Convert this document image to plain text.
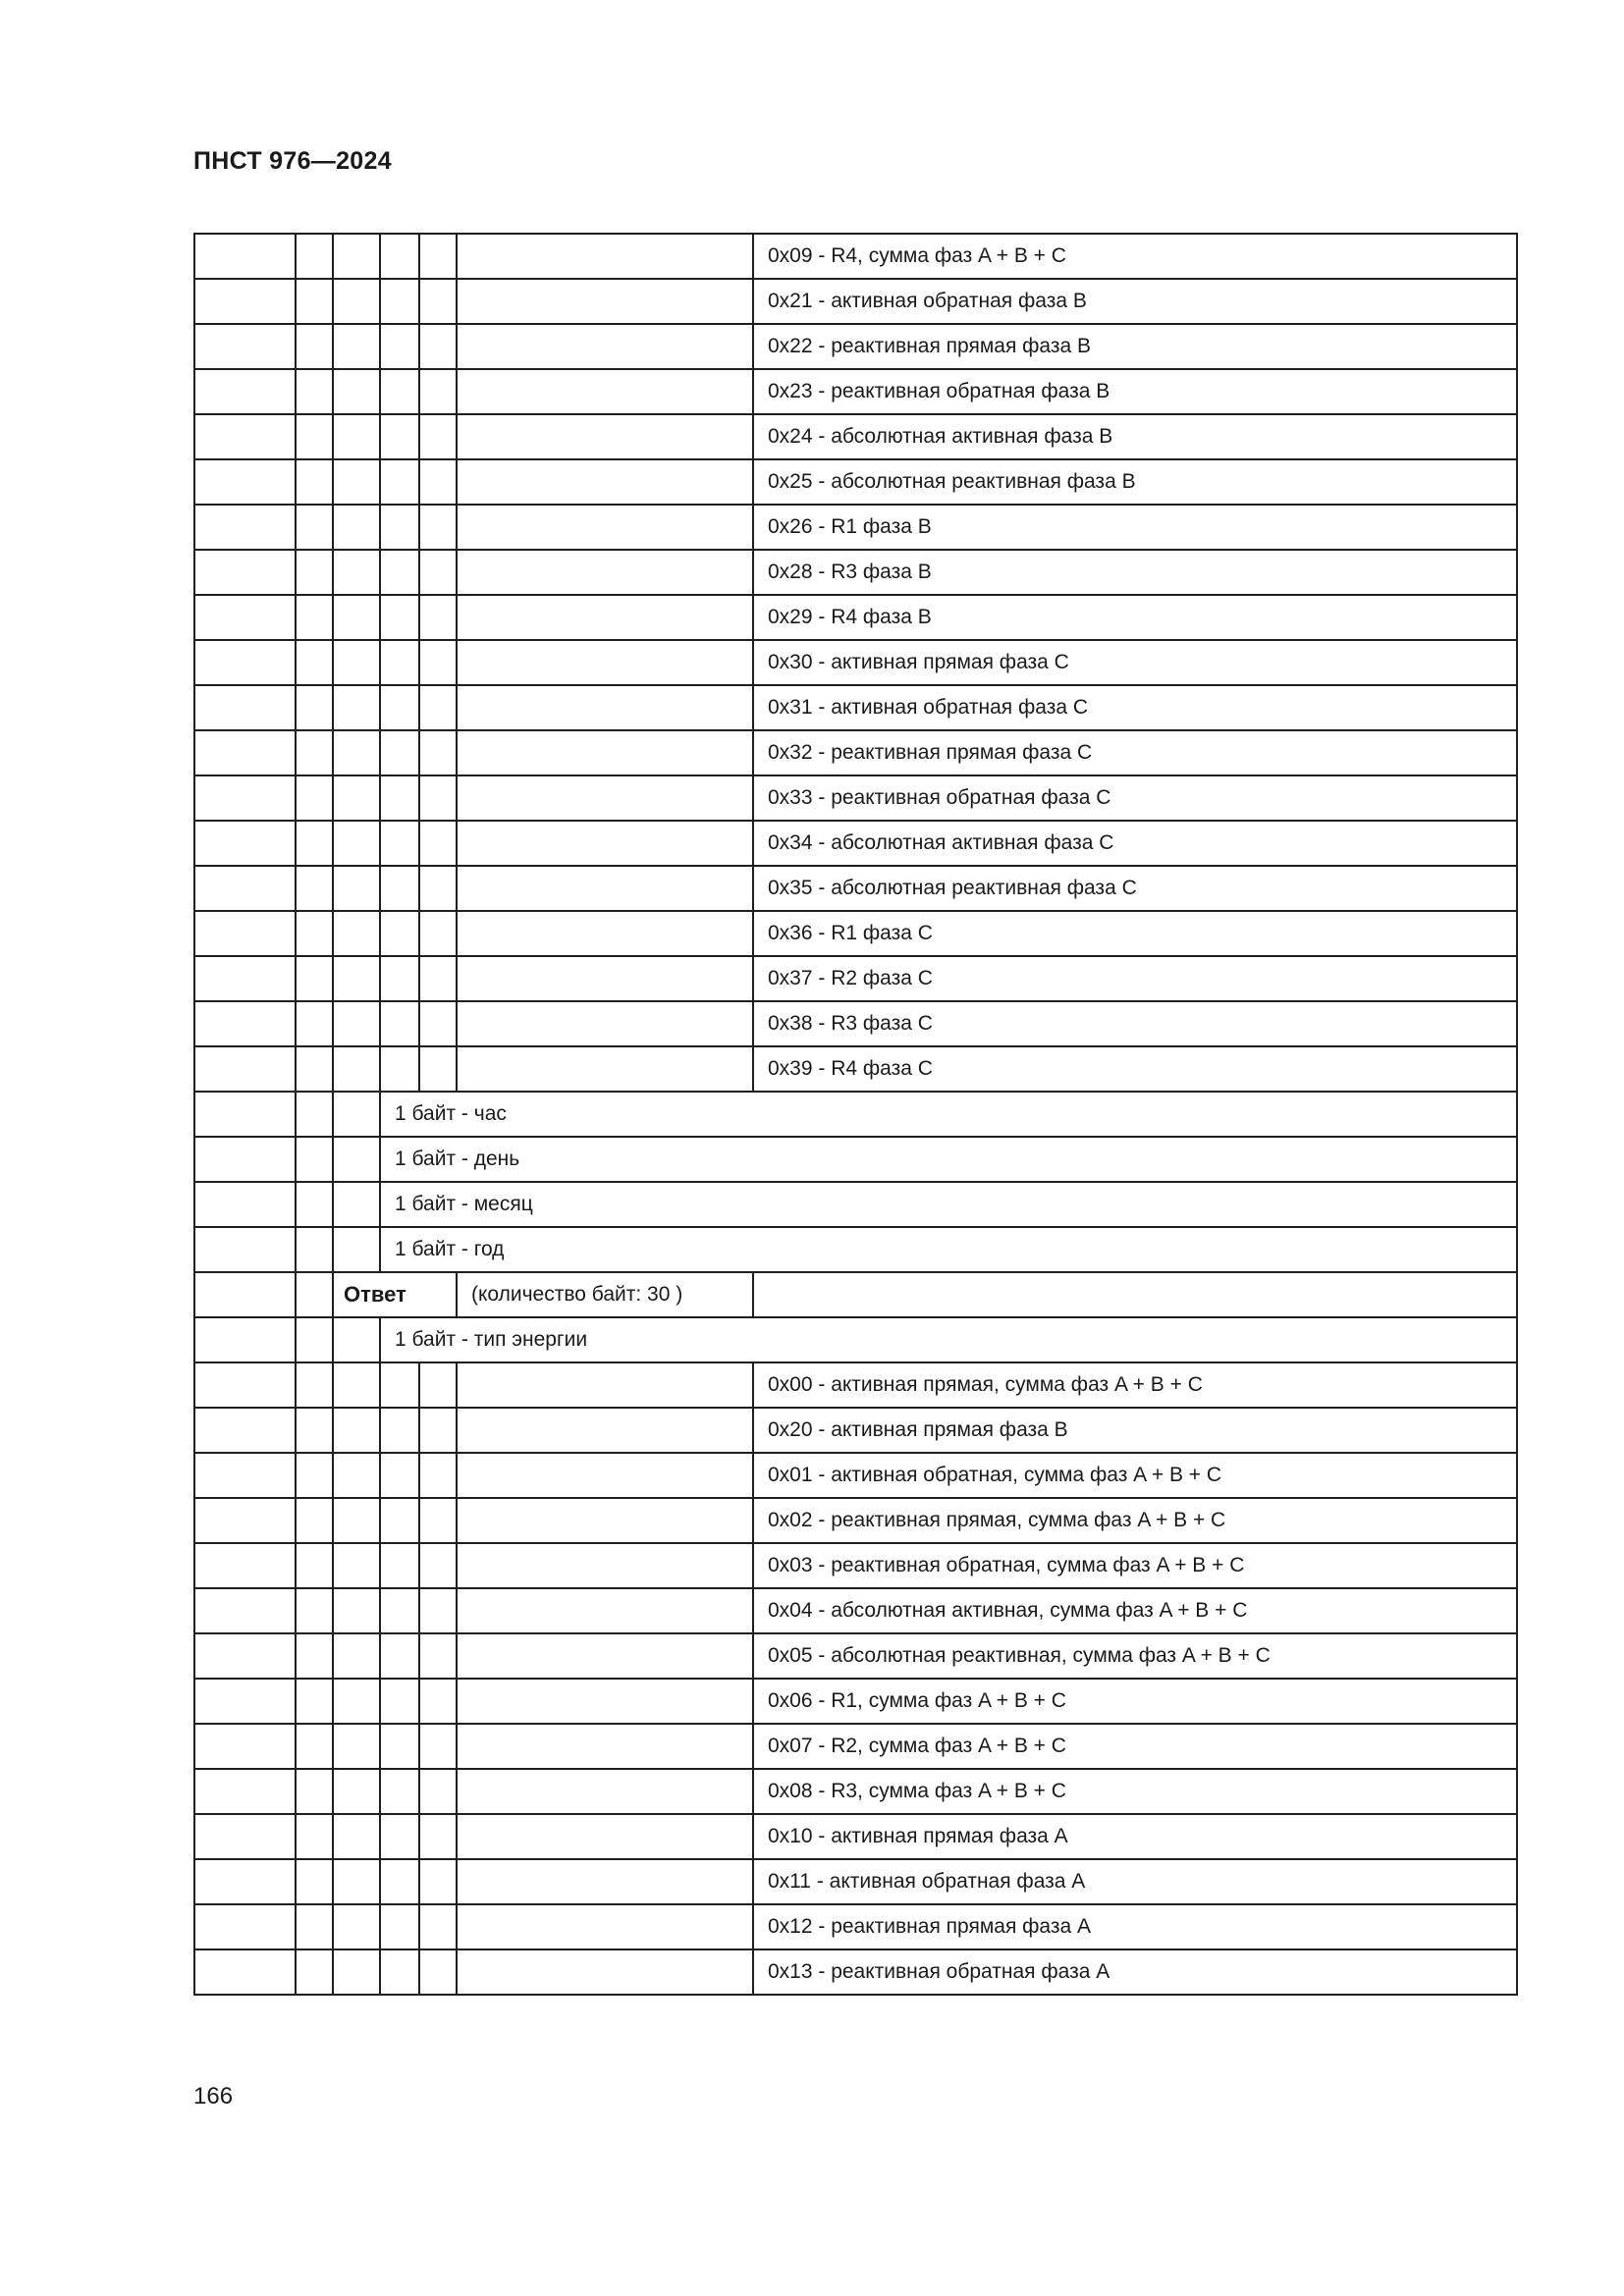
ПНСТ 976—2024
						0x09 - R4, сумма фаз A + B + C
						0x21 - активная обратная фаза B
						0x22 - реактивная прямая фаза B
						0x23 - реактивная обратная фаза B
						0x24 - абсолютная активная фаза B
						0x25 - абсолютная реактивная фаза B
						0x26 - R1 фаза B
						0x28 - R3 фаза B
						0x29 - R4 фаза B
						0x30 - активная прямая фаза C
						0x31 - активная обратная фаза C
						0x32 - реактивная прямая фаза C
						0x33 - реактивная обратная фаза C
						0x34 - абсолютная активная фаза C
						0x35 - абсолютная реактивная фаза C
						0x36 - R1 фаза C
						0x37 - R2 фаза C
						0x38 - R3 фаза C
						0x39 - R4 фаза C
			1 байт - час			
			1 байт - день			
			1 байт - месяц			
			1 байт - год			
		Ответ			(количество байт: 30 )	
			1 байт - тип энергии			
						0x00 - активная прямая, сумма фаз A + B + C
						0x20 - активная прямая фаза B
						0x01 - активная обратная, сумма фаз A + B + C
						0x02 - реактивная прямая, сумма фаз A + B + C
						0x03 - реактивная обратная, сумма фаз A + B + C
						0x04 - абсолютная активная, сумма фаз A + B + C
						0x05 - абсолютная реактивная, сумма фаз A + B + C
						0x06 - R1, сумма фаз A + B + C
						0x07 - R2, сумма фаз A + B + C
						0x08 - R3, сумма фаз A + B + C
						0x10 - активная прямая фаза A
						0x11 - активная обратная фаза A
						0x12 - реактивная прямая фаза A
						0x13 - реактивная обратная фаза A
166
